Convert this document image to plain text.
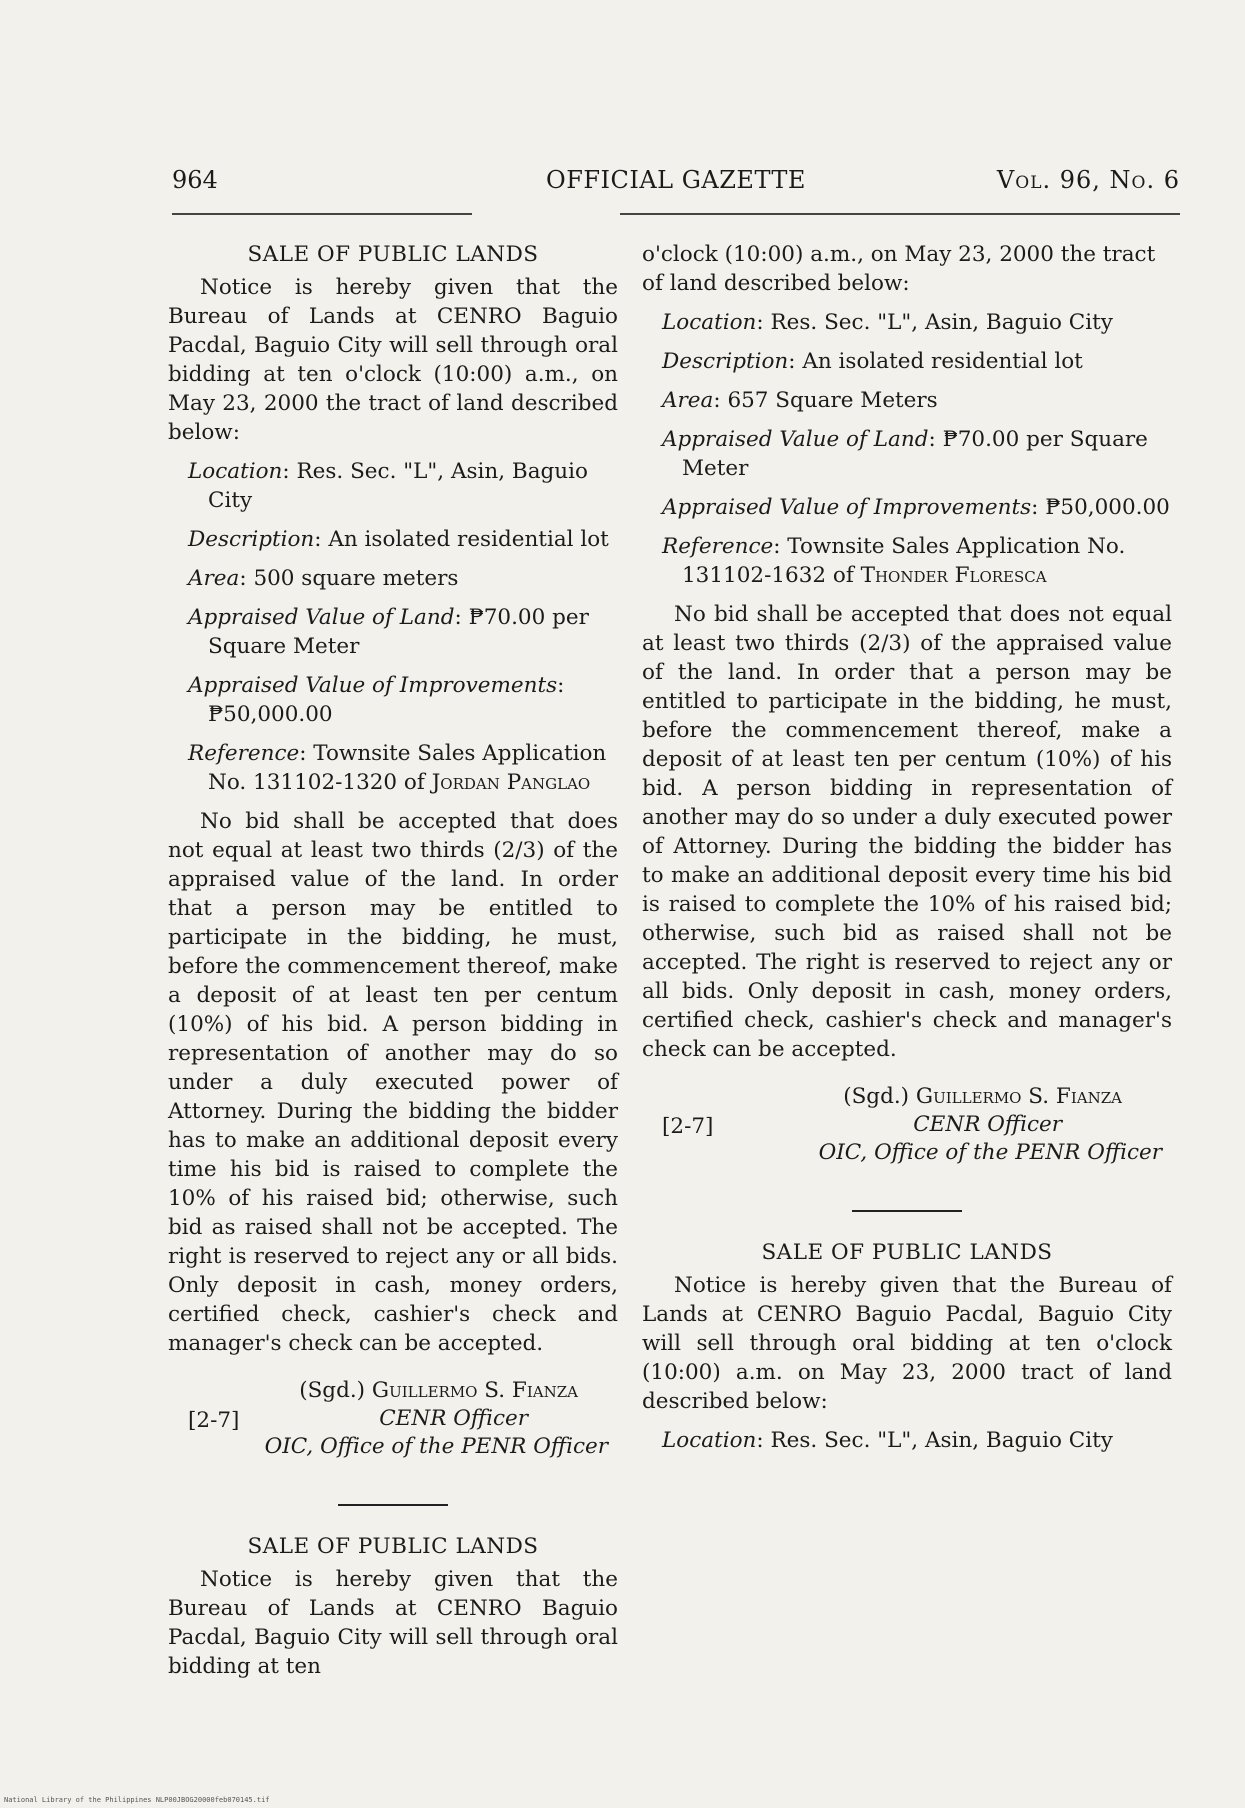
964	OFFICIAL GAZETTE	Vol. 96, No. 6

SALE OF PUBLIC LANDS

Notice is hereby given that the Bureau of Lands at CENRO Baguio Pacdal, Baguio City will sell through oral bidding at ten o'clock (10:00) a.m., on May 23, 2000 the tract of land described below:

Location: Res. Sec. "L", Asin, Baguio City

Description: An isolated residential lot

Area: 500 square meters

Appraised Value of Land: ₱70.00 per Square Meter

Appraised Value of Improvements: ₱50,000.00

Reference: Townsite Sales Application No. 131102-1320 of Jordan Panglao

No bid shall be accepted that does not equal at least two thirds (2/3) of the appraised value of the land. In order that a person may be entitled to participate in the bidding, he must, before the commencement thereof, make a deposit of at least ten per centum (10%) of his bid. A person bidding in representation of another may do so under a duly executed power of Attorney. During the bidding the bidder has to make an additional deposit every time his bid is raised to complete the 10% of his raised bid; otherwise, such bid as raised shall not be accepted. The right is reserved to reject any or all bids. Only deposit in cash, money orders, certified check, cashier's check and manager's check can be accepted.

[2-7]
(Sgd.) Guillermo S. Fianza
CENR Officer
OIC, Office of the PENR Officer

SALE OF PUBLIC LANDS

Notice is hereby given that the Bureau of Lands at CENRO Baguio Pacdal, Baguio City will sell through oral bidding at ten

o'clock (10:00) a.m., on May 23, 2000 the tract of land described below:

Location: Res. Sec. "L", Asin, Baguio City

Description: An isolated residential lot

Area: 657 Square Meters

Appraised Value of Land: ₱70.00 per Square Meter

Appraised Value of Improvements: ₱50,000.00

Reference: Townsite Sales Application No. 131102-1632 of Thonder Floresca

No bid shall be accepted that does not equal at least two thirds (2/3) of the appraised value of the land. In order that a person may be entitled to participate in the bidding, he must, before the commencement thereof, make a deposit of at least ten per centum (10%) of his bid. A person bidding in representation of another may do so under a duly executed power of Attorney. During the bidding the bidder has to make an additional deposit every time his bid is raised to complete the 10% of his raised bid; otherwise, such bid as raised shall not be accepted. The right is reserved to reject any or all bids. Only deposit in cash, money orders, certified check, cashier's check and manager's check can be accepted.

[2-7]
(Sgd.) Guillermo S. Fianza
CENR Officer
OIC, Office of the PENR Officer

SALE OF PUBLIC LANDS

Notice is hereby given that the Bureau of Lands at CENRO Baguio Pacdal, Baguio City will sell through oral bidding at ten o'clock (10:00) a.m. on May 23, 2000 tract of land described below:

Location: Res. Sec. "L", Asin, Baguio City

National Library of the Philippines NLP00JBOG20000feb070145.tif
